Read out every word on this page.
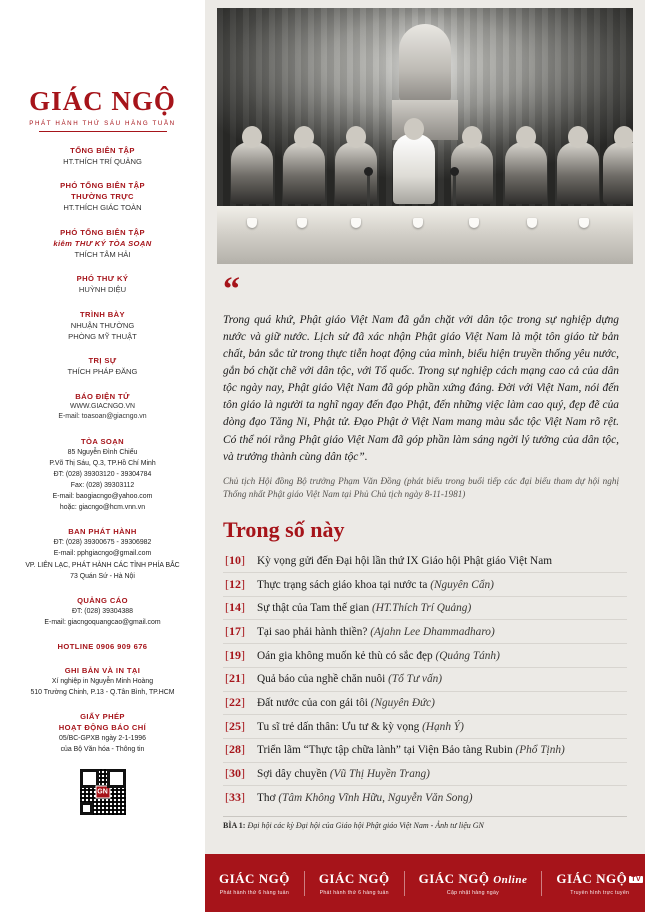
GIÁC NGỘ
PHÁT HÀNH THỨ SÁU HÀNG TUẦN
TỔNG BIÊN TẬP
HT.THÍCH TRÍ QUẢNG
PHÓ TỔNG BIÊN TẬP
THƯỜNG TRỰC
HT.THÍCH GIÁC TOÀN
PHÓ TỔNG BIÊN TẬP
kiêm THƯ KÝ TÒA SOẠN
THÍCH TÂM HẢI
PHÓ THƯ KÝ
HUỲNH DIỆU
TRÌNH BÀY
NHUẬN THƯỜNG
PHÒNG MỸ THUẬT
TRỊ SỰ
THÍCH PHÁP ĐĂNG
BÁO ĐIỆN TỬ
WWW.GIACNGO.VN
E-mail: toasoan@giacngo.vn
TÒA SOẠN
85 Nguyễn Đình Chiểu
P.Võ Thị Sáu, Q.3, TP.Hồ Chí Minh
ĐT: (028) 39303120 - 39304784
Fax: (028) 39303112
E-mail: baogiacngo@yahoo.com
hoặc: giacngo@hcm.vnn.vn
BAN PHÁT HÀNH
ĐT: (028) 39300675 - 39306982
E-mail: pphgiacngo@gmail.com
VP. LIÊN LẠC, PHÁT HÀNH CÁC TỈNH PHÍA BẮC
73 Quán Sứ - Hà Nội
QUẢNG CÁO
ĐT: (028) 39304388
E-mail: giacngoquangcao@gmail.com
HOTLINE 0906 909 676
GHI BẢN VÀ IN TẠI
Xí nghiệp in Nguyễn Minh Hoàng
510 Trường Chinh, P.13 - Q.Tân Bình, TP.HCM
GIẤY PHÉP
HOẠT ĐỘNG BÁO CHÍ
05/BC-GPXB ngày 2-1-1996
của Bộ Văn hóa - Thông tin
GN
“
Trong quá khứ, Phật giáo Việt Nam đã gắn chặt với dân tộc trong sự nghiệp dựng nước và giữ nước. Lịch sử đã xác nhận Phật giáo Việt Nam là một tôn giáo từ bản chất, bản sắc từ trong thực tiễn hoạt động của mình, biểu hiện truyền thống yêu nước, gắn bó chặt chẽ với dân tộc, với Tổ quốc. Trong sự nghiệp cách mạng cao cả của dân tộc ngày nay, Phật giáo Việt Nam đã góp phần xứng đáng. Đời với Việt Nam, nói đến tôn giáo là người ta nghĩ ngay đến đạo Phật, đến những việc làm cao quý, đẹp đẽ của dòng đạo Tăng Ni, Phật tử. Đạo Phật ở Việt Nam mang màu sắc tộc Việt Nam rõ rệt. Có thể nói rằng Phật giáo Việt Nam đã góp phần làm sáng ngời lý tưởng của dân tộc, và trưởng thành cùng dân tộc”.
Chủ tịch Hội đồng Bộ trưởng Phạm Văn Đồng (phát biểu trong buổi tiếp các đại biểu tham dự hội nghị Thống nhất Phật giáo Việt Nam tại Phủ Chủ tịch ngày 8-11-1981)
Trong số này
[10]	Kỳ vọng gửi đến Đại hội lần thứ IX Giáo hội Phật giáo Việt Nam
[12]	Thực trạng sách giáo khoa tại nước ta (Nguyên Cẩn)
[14]	Sự thật của Tam thế gian (HT.Thích Trí Quảng)
[17]	Tại sao phải hành thiền? (Ajahn Lee Dhammadharo)
[19]	Oán gia không muốn kẻ thù có sắc đẹp (Quảng Tánh)
[21]	Quả báo của nghề chăn nuôi (Tổ Tư vấn)
[22]	Đất nước của con gái tôi (Nguyên Đức)
[25]	Tu sĩ trẻ dấn thân: Ưu tư & kỳ vọng (Hạnh Ý)
[28]	Triển lãm “Thực tập chữa lành” tại Viện Bảo tàng Rubin (Phổ Tịnh)
[30]	Sợi dây chuyền (Vũ Thị Huyền Trang)
[33]	Thơ (Tâm Không Vĩnh Hữu, Nguyễn Văn Song)
BÌA 1: Đại hội các kỳ Đại hội của Giáo hội Phật giáo Việt Nam - Ảnh tư liệu GN
GIÁC NGỘ
Phát hành thứ 6 hàng tuần
GIÁC NGỘ
Phát hành thứ 6 hàng tuần
GIÁC NGỘ Online
Cập nhật hàng ngày
GIÁC NGỘ TV
Truyền hình trực tuyến
